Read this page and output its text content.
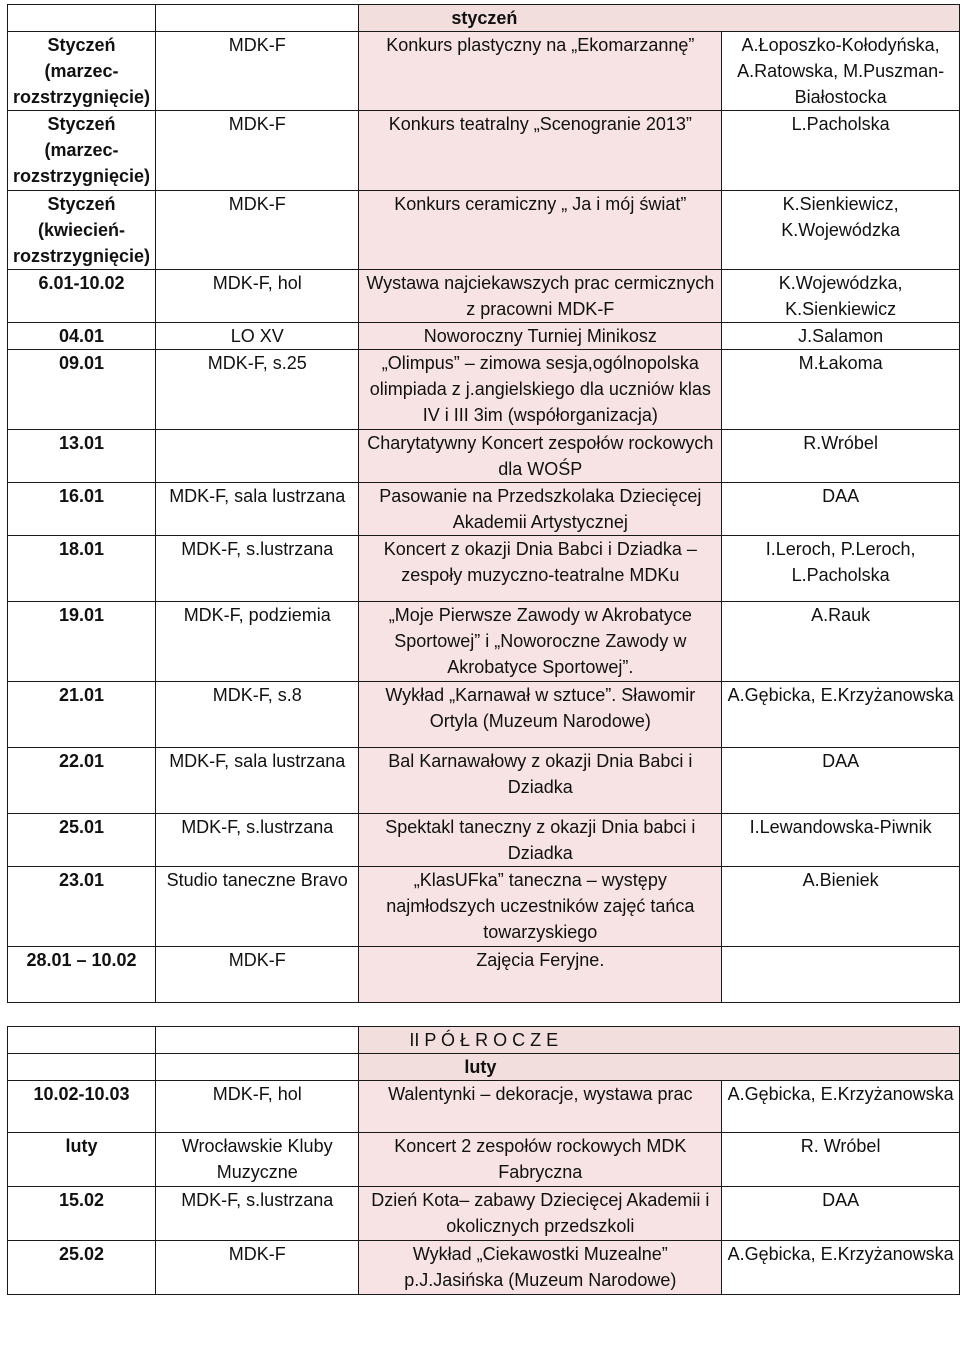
		styczeń	
Styczeń (marzec-rozstrzygnięcie)	MDK-F	Konkurs plastyczny na „Ekomarzannę”	A.Łoposzko-Kołodyńska, A.Ratowska, M.Puszman-Białostocka
Styczeń (marzec-rozstrzygnięcie)	MDK-F	Konkurs teatralny „Scenogranie 2013”	L.Pacholska
Styczeń (kwiecień-rozstrzygnięcie)	MDK-F	Konkurs ceramiczny „ Ja i mój świat”	K.Sienkiewicz, K.Wojewódzka
6.01-10.02	MDK-F, hol	Wystawa najciekawszych prac cermicznych z pracowni MDK-F	K.Wojewódzka, K.Sienkiewicz
04.01	LO XV	Noworoczny Turniej Minikosz	J.Salamon
09.01	MDK-F, s.25	„Olimpus” – zimowa sesja,ogólnopolska olimpiada z j.angielskiego dla uczniów klas IV i III 3im (współorganizacja)	M.Łakoma
13.01		Charytatywny Koncert zespołów rockowych dla WOŚP	R.Wróbel
16.01	MDK-F, sala lustrzana	Pasowanie na Przedszkolaka Dziecięcej Akademii Artystycznej	DAA
18.01	MDK-F, s.lustrzana	Koncert z okazji Dnia Babci i Dziadka – zespoły muzyczno-teatralne MDKu	I.Leroch, P.Leroch, L.Pacholska
19.01	MDK-F, podziemia	„Moje Pierwsze Zawody w Akrobatyce Sportowej” i „Noworoczne Zawody w Akrobatyce Sportowej”.	A.Rauk
21.01	MDK-F, s.8	Wykład „Karnawał w sztuce”. Sławomir Ortyla (Muzeum Narodowe)	A.Gębicka, E.Krzyżanowska
22.01	MDK-F, sala lustrzana	Bal Karnawałowy z okazji Dnia Babci i Dziadka	DAA
25.01	MDK-F, s.lustrzana	Spektakl taneczny z okazji Dnia babci i Dziadka	I.Lewandowska-Piwnik
23.01	Studio taneczne Bravo	„KlasUFka” taneczna – występy najmłodszych uczestników zajęć tańca towarzyskiego	A.Bieniek
28.01 – 10.02	MDK-F	Zajęcia Feryjne.	
		II P Ó Ł R O C Z E	
		luty	
10.02-10.03	MDK-F, hol	Walentynki – dekoracje, wystawa prac	A.Gębicka, E.Krzyżanowska
luty	Wrocławskie Kluby Muzyczne	Koncert 2 zespołów rockowych MDK Fabryczna	R. Wróbel
15.02	MDK-F, s.lustrzana	Dzień Kota– zabawy Dziecięcej Akademii i okolicznych przedszkoli	DAA
25.02	MDK-F	Wykład „Ciekawostki Muzealne” p.J.Jasińska (Muzeum Narodowe)	A.Gębicka, E.Krzyżanowska
